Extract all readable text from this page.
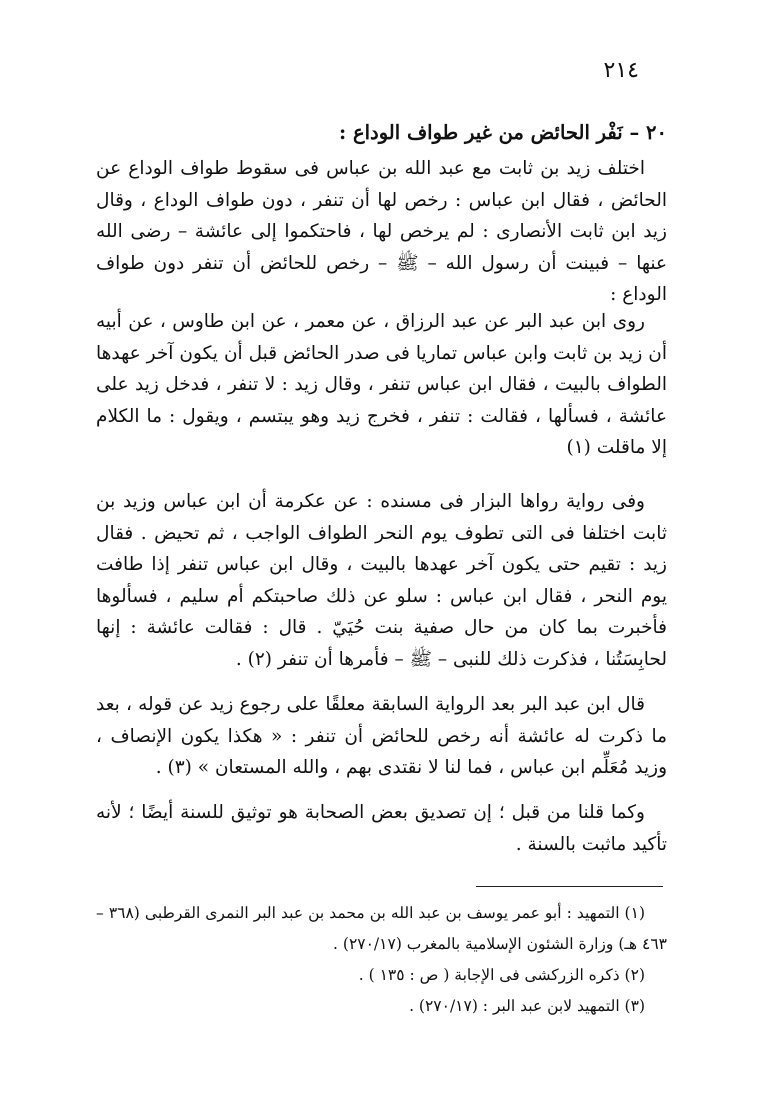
٢١٤
٢٠ – نَفْر الحائض من غير طواف الوداع :

اختلف زيد بن ثابت مع عبد الله بن عباس فى سقوط طواف الوداع عن الحائض ، فقال ابن عباس : رخص لها أن تنفر ، دون طواف الوداع ، وقال زيد ابن ثابت الأنصارى : لم يرخص لها ، فاحتكموا إلى عائشة – رضى الله عنها – فبينت أن رسول الله – ﷺ – رخص للحائض أن تنفر دون طواف الوداع :

روى ابن عبد البر عن عبد الرزاق ، عن معمر ، عن ابن طاوس ، عن أبيه أن زيد بن ثابت وابن عباس تماريا فى صدر الحائض قبل أن يكون آخر عهدها الطواف بالبيت ، فقال ابن عباس تنفر ، وقال زيد : لا تنفر ، فدخل زيد على عائشة ، فسألها ، فقالت : تنفر ، فخرج زيد وهو يبتسم ، ويقول : ما الكلام إلا ماقلت (١)

وفى رواية رواها البزار فى مسنده : عن عكرمة أن ابن عباس وزيد بن ثابت اختلفا فى التى تطوف يوم النحر الطواف الواجب ، ثم تحيض . فقال زيد : تقيم حتى يكون آخر عهدها بالبيت ، وقال ابن عباس تنفر إذا طافت يوم النحر ، فقال ابن عباس : سلو عن ذلك صاحبتكم أم سليم ، فسألوها فأخبرت بما كان من حال صفية بنت حُيَيّ . قال : فقالت عائشة : إنها لحابِسَتُنا ، فذكرت ذلك للنبى – ﷺ – فأمرها أن تنفر (٢) .

قال ابن عبد البر بعد الرواية السابقة معلقًا على رجوع زيد عن قوله ، بعد ما ذكرت له عائشة أنه رخص للحائض أن تنفر : « هكذا يكون الإنصاف ، وزيد مُعَلِّم ابن عباس ، فما لنا لا نقتدى بهم ، والله المستعان » (٣) .

وكما قلنا من قبل ؛ إن تصديق بعض الصحابة هو توثيق للسنة أيضًا ؛ لأنه تأكيد ماثبت بالسنة .

(١) التمهيد : أبو عمر يوسف بن عبد الله بن محمد بن عبد البر النمرى القرطبى (٣٦٨ – ٤٦٣ هـ) وزارة الشئون الإسلامية بالمغرب (٢٧٠/١٧) .

(٢) ذكره الزركشى فى الإجابة ( ص : ١٣٥ ) .

(٣) التمهيد لابن عبد البر : (٢٧٠/١٧) .
